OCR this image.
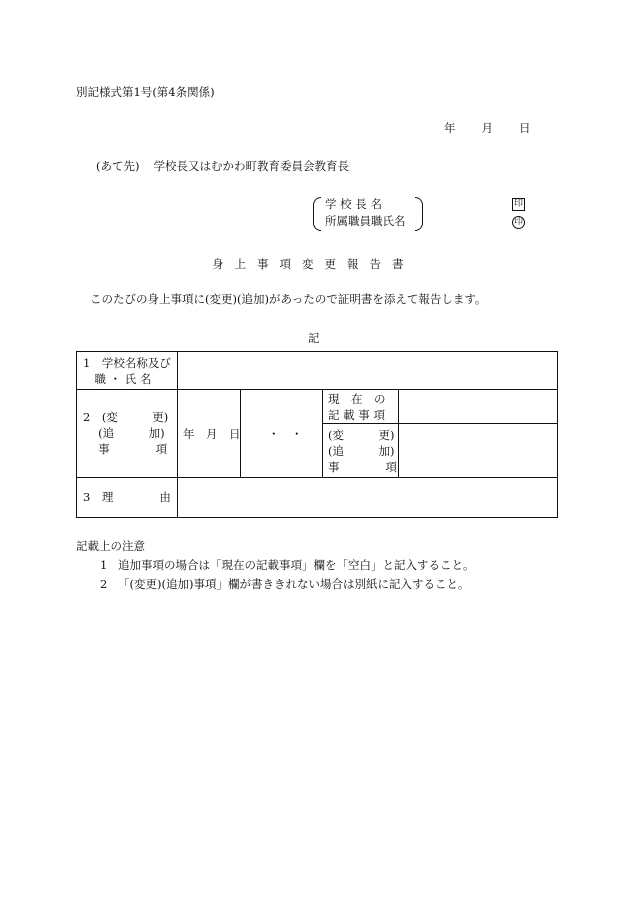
別記様式第1号(第4条関係)
年 月 日
(あて先) 学校長又はむかわ町教育委員会教育長
学 校 長 名
所属職員職氏名
印
印
身 上 事 項 変 更 報 告 書
このたびの身上事項に(変更)(追加)があったので証明書を添えて報告します。
記
1　学校名称及び
　職 ・ 氏 名
2　(変　　　更)
　 (追　　　加)
　 事　　　　項
年　月　日 ・　・
現　在　の
記 載 事 項
(変　　　更)
(追　　　加)
事　　　　項
3　理　　　　由
記載上の注意
1 追加事項の場合は「現在の記載事項」欄を「空白」と記入すること。
2 「(変更)(追加)事項」欄が書ききれない場合は別紙に記入すること。
